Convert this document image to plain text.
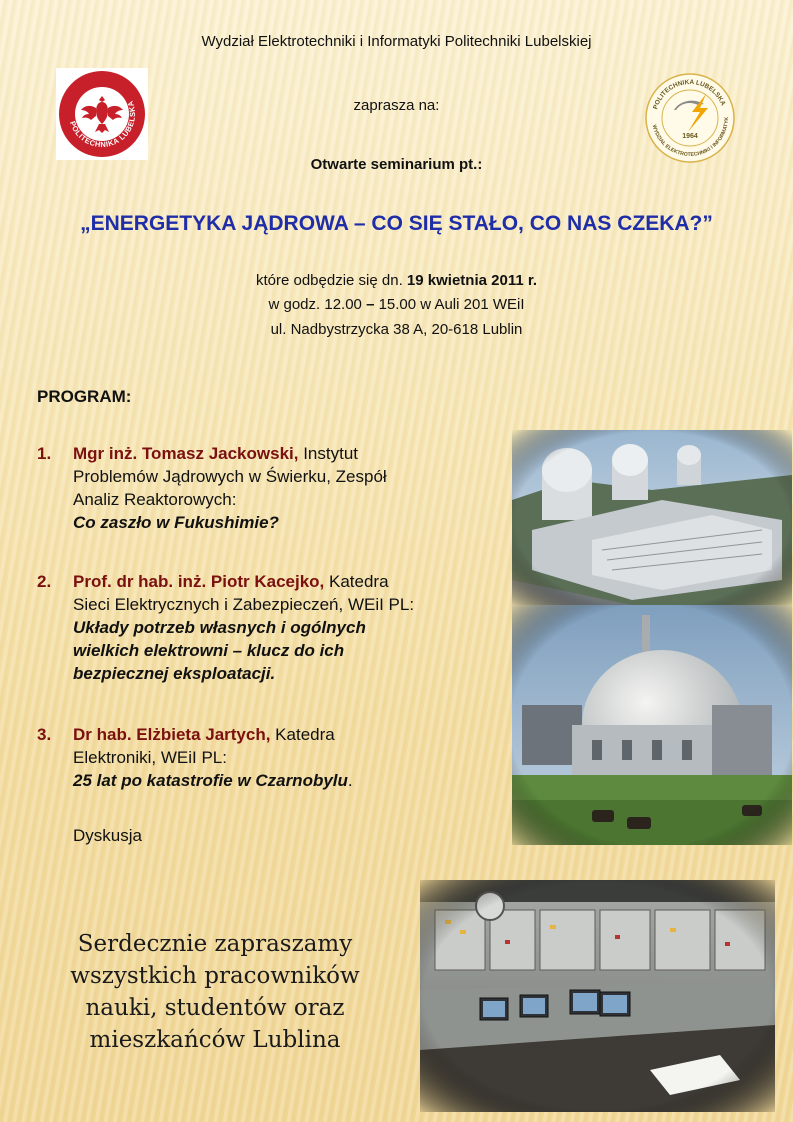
Wydział Elektrotechniki i Informatyki Politechniki Lubelskiej
zaprasza na:
Otwarte seminarium pt.:
„ENERGETYKA JĄDROWA – CO SIĘ STAŁO, CO NAS CZEKA?”
które odbędzie się dn. 19 kwietnia 2011 r.
w godz. 12.00 – 15.00 w Auli 201 WEiI
ul. Nadbystrzycka 38 A, 20-618 Lublin
POLITECHNIKA LUBELSKA	POLITECHNIKA LUBELSKA
WYDZIAŁ ELEKTROTECHNIKI I INFORMATYK
1964
PROGRAM:
1. Mgr inż. Tomasz Jackowski, Instytut
Problemów Jądrowych w Świerku, Zespół
Analiz Reaktorowych:
Co zaszło w Fukushimie?
2. Prof. dr hab. inż. Piotr Kacejko, Katedra
Sieci Elektrycznych i Zabezpieczeń, WEiI PL:
Układy potrzeb własnych i ogólnych
wielkich elektrowni – klucz do ich
bezpiecznej eksploatacji.
3. Dr hab. Elżbieta Jartych, Katedra
Elektroniki, WEiI PL:
25 lat po katastrofie w Czarnobylu.
Dyskusja
Serdecznie zapraszamy
wszystkich pracowników
nauki, studentów oraz
mieszkańców Lublina
